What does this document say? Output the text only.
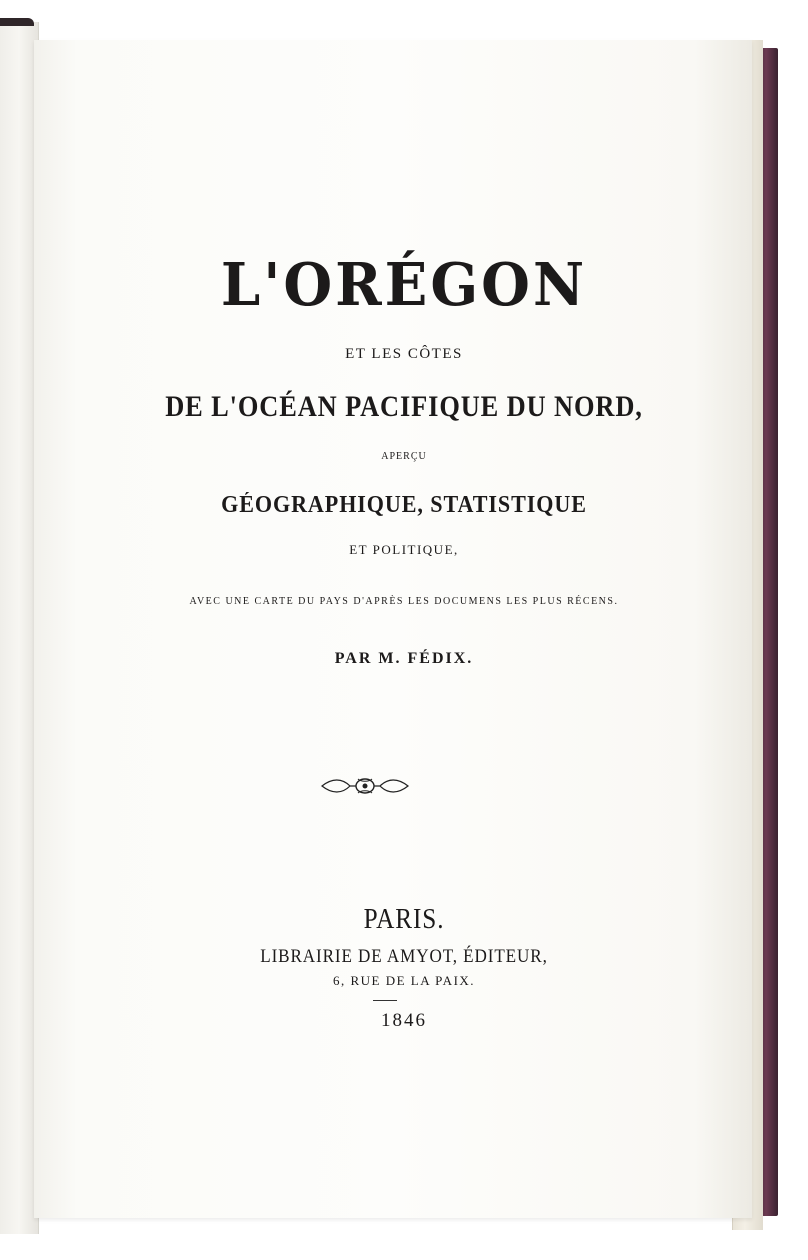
L'ORÉGON
ET LES CÔTES
DE L'OCÉAN PACIFIQUE DU NORD,
APERÇU
GÉOGRAPHIQUE, STATISTIQUE
ET POLITIQUE,
AVEC UNE CARTE DU PAYS D'APRÈS LES DOCUMENS LES PLUS RÉCENS.
PAR M. FÉDIX.
PARIS.
LIBRAIRIE DE AMYOT, ÉDITEUR,
6, RUE DE LA PAIX.
1846
